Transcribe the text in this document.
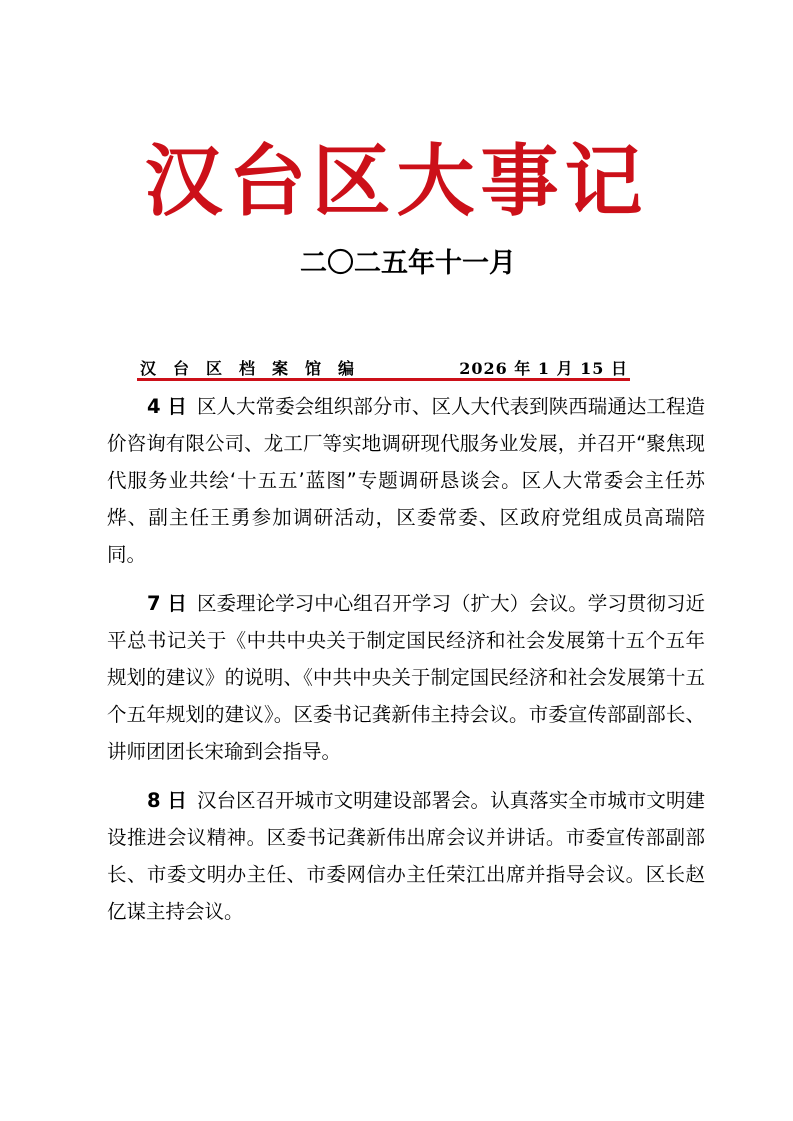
汉台区大事记
二〇二五年十一月
汉台区档案馆编	2026 年 1 月 15 日

4 日 区人大常委会组织部分市、区人大代表到陕西瑞通达工程造价咨询有限公司、龙工厂等实地调研现代服务业发展，并召开“聚焦现代服务业共绘‘十五五’蓝图”专题调研恳谈会。区人大常委会主任苏烨、副主任王勇参加调研活动，区委常委、区政府党组成员高瑞陪同。

7 日 区委理论学习中心组召开学习（扩大）会议。学习贯彻习近平总书记关于《中共中央关于制定国民经济和社会发展第十五个五年规划的建议》的说明、《中共中央关于制定国民经济和社会发展第十五个五年规划的建议》。区委书记龚新伟主持会议。市委宣传部副部长、讲师团团长宋瑜到会指导。

8 日 汉台区召开城市文明建设部署会。认真落实全市城市文明建设推进会议精神。区委书记龚新伟出席会议并讲话。市委宣传部副部长、市委文明办主任、市委网信办主任荣江出席并指导会议。区长赵亿谋主持会议。
